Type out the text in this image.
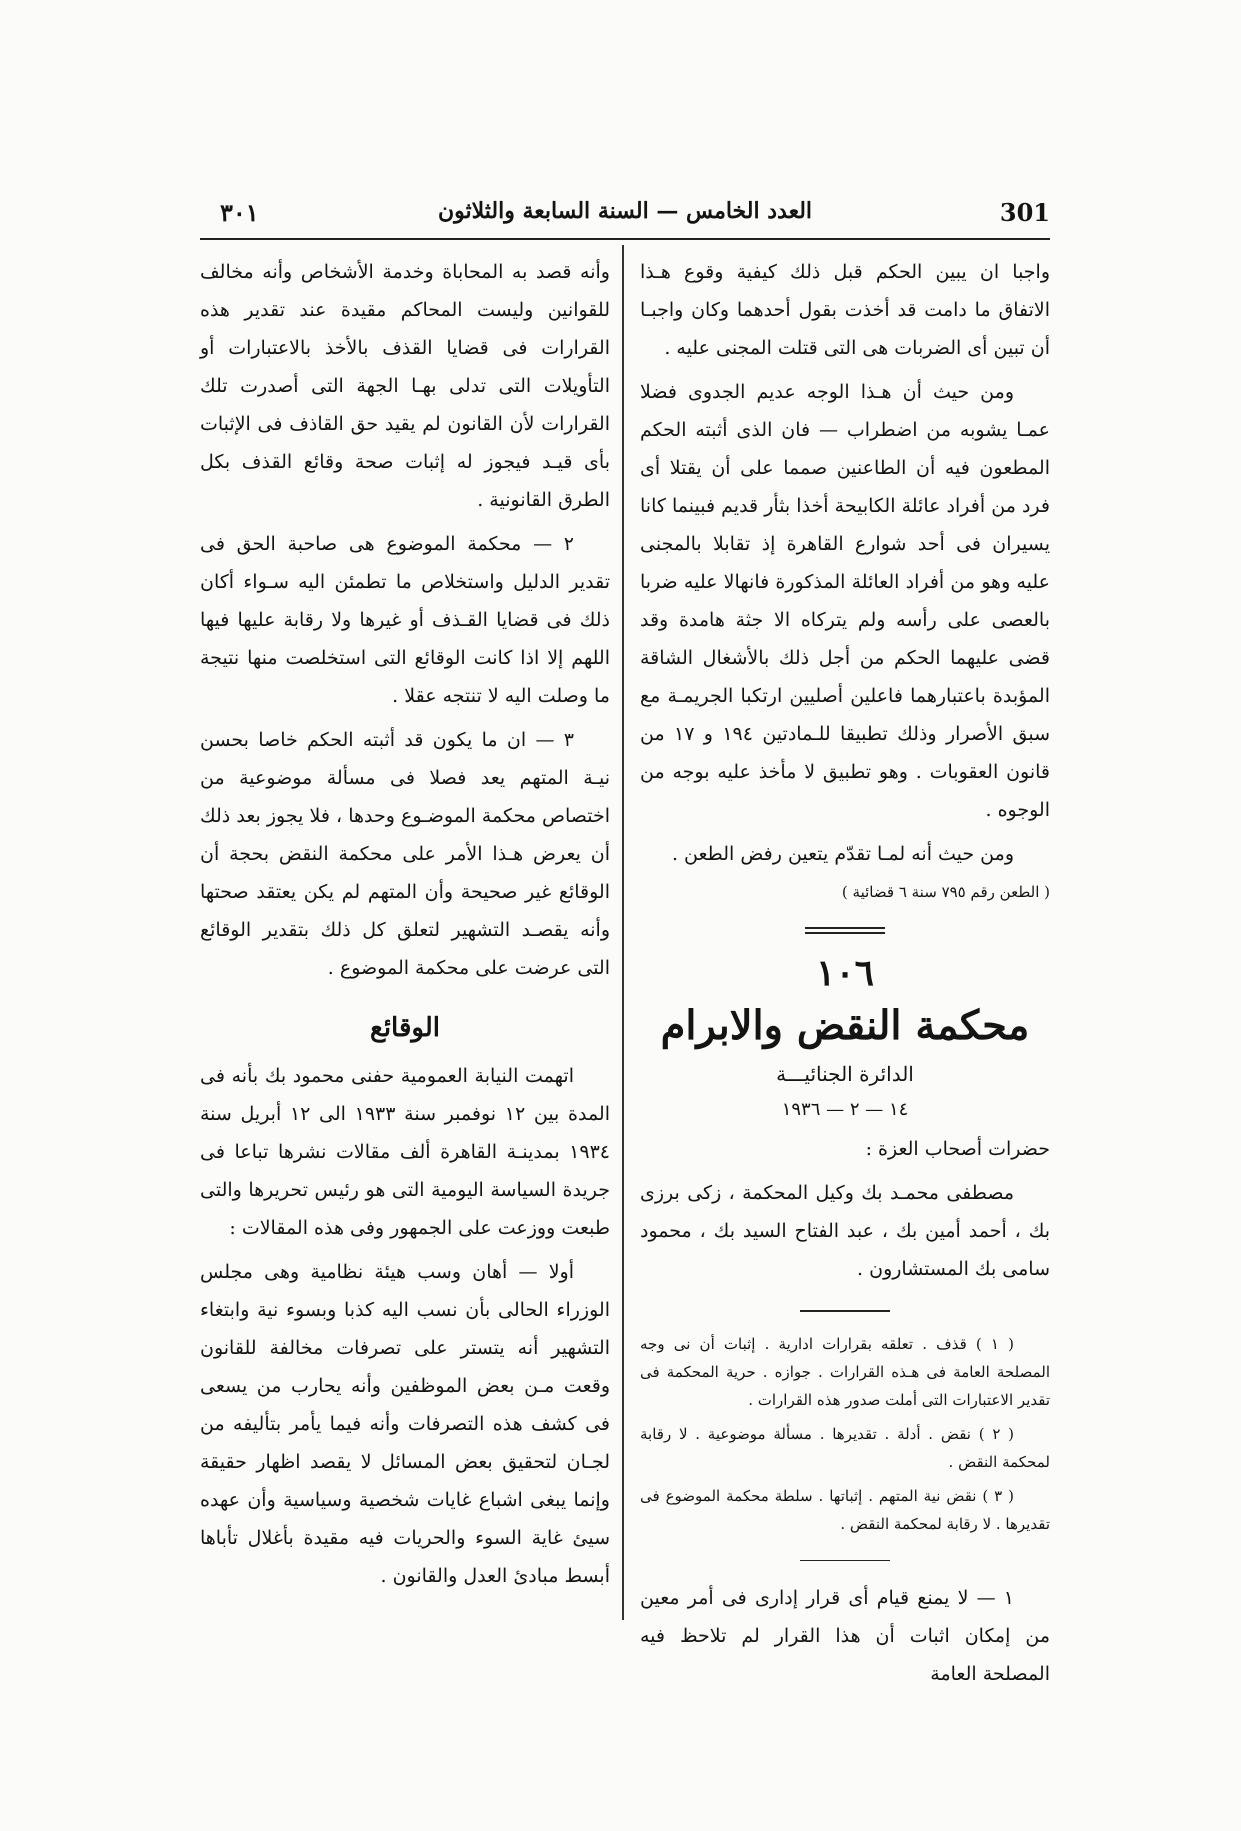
301
العدد الخامس — السنة السابعة والثلاثون
٣٠١

واجبا ان يبين الحكم قبل ذلك كيفية وقوع هـذا الاتفاق ما دامت قد أخذت بقول أحدهما وكان واجبـا أن تبين أى الضربات هى التى قتلت المجنى عليه .

ومن حيث أن هـذا الوجه عديم الجدوى فضلا عمـا يشوبه من اضطراب — فان الذى أثبته الحكم المطعون فيه أن الطاعنين صمما على أن يقتلا أى فرد من أفراد عائلة الكابيحة أخذا بثأر قديم فبينما كانا يسيران فى أحد شوارع القاهرة إذ تقابلا بالمجنى عليه وهو من أفراد العائلة المذكورة فانهالا عليه ضربا بالعصى على رأسه ولم يتركاه الا جثة هامدة وقد قضى عليهما الحكم من أجل ذلك بالأشغال الشاقة المؤبدة باعتبارهما فاعلين أصليين ارتكبا الجريمـة مع سبق الأصرار وذلك تطبيقا للـمادتين ١٩٤ و ١٧ من قانون العقوبات . وهو تطبيق لا مأخذ عليه بوجه من الوجوه .

ومن حيث أنه لمـا تقدّم يتعين رفض الطعن .

( الطعن رقم ٧٩٥ سنة ٦ قضائية )

١٠٦

محكمة النقض والابرام

الدائرة الجنائيـــة

١٤ — ٢ — ١٩٣٦

حضرات أصحاب العزة :

مصطفى محمـد بك وكيل المحكمة ، زكى برزى بك ، أحمد أمين بك ، عبد الفتاح السيد بك ، محمود سامى بك المستشارون .

( ١ ) قذف . تعلقه بقرارات ادارية . إثبات أن نى وجه المصلحة العامة فى هـذه القرارات . جوازه . حرية المحكمة فى تقدير الاعتبارات التى أملت صدور هذه القرارات .

( ٢ ) نقض . أدلة . تقديرها . مسألة موضوعية . لا رقابة لمحكمة النقض .

( ٣ ) نقض نية المتهم . إثباتها . سلطة محكمة الموضوع فى تقديرها . لا رقابة لمحكمة النقض .

١ — لا يمنع قيام أى قرار إدارى فى أمر معين من إمكان اثبات أن هذا القرار لم تلاحظ فيه المصلحة العامة

وأنه قصد به المحاباة وخدمة الأشخاص وأنه مخالف للقوانين وليست المحاكم مقيدة عند تقدير هذه القرارات فى قضايا القذف بالأخذ بالاعتبارات أو التأويلات التى تدلى بهـا الجهة التى أصدرت تلك القرارات لأن القانون لم يقيد حق القاذف فى الإثبات بأى قيـد فيجوز له إثبات صحة وقائع القذف بكل الطرق القانونية .

٢ — محكمة الموضوع هى صاحبة الحق فى تقدير الدليل واستخلاص ما تطمئن اليه سـواء أكان ذلك فى قضايا القـذف أو غيرها ولا رقابة عليها فيها اللهم إلا اذا كانت الوقائع التى استخلصت منها نتيجة ما وصلت اليه لا تنتجه عقلا .

٣ — ان ما يكون قد أثبته الحكم خاصا بحسن نيـة المتهم يعد فصلا فى مسألة موضوعية من اختصاص محكمة الموضـوع وحدها ، فلا يجوز بعد ذلك أن يعرض هـذا الأمر على محكمة النقض بحجة أن الوقائع غير صحيحة وأن المتهم لم يكن يعتقد صحتها وأنه يقصـد التشهير لتعلق كل ذلك بتقدير الوقائع التى عرضت على محكمة الموضوع .

الوقائع

اتهمت النيابة العمومية حفنى محمود بك بأنه فى المدة بين ١٢ نوفمبر سنة ١٩٣٣ الى ١٢ أبريل سنة ١٩٣٤ بمدينـة القاهرة ألف مقالات نشرها تباعا فى جريدة السياسة اليومية التى هو رئيس تحريرها والتى طبعت ووزعت على الجمهور وفى هذه المقالات :

أولا — أهان وسب هيئة نظامية وهى مجلس الوزراء الحالى بأن نسب اليه كذبا وبسوء نية وابتغاء التشهير أنه يتستر على تصرفات مخالفة للقانون وقعت مـن بعض الموظفين وأنه يحارب من يسعى فى كشف هذه التصرفات وأنه فيما يأمر بتأليفه من لجـان لتحقيق بعض المسائل لا يقصد اظهار حقيقة وإنما يبغى اشباع غايات شخصية وسياسية وأن عهده سيئ غاية السوء والحريات فيه مقيدة بأغلال تأباها أبسط مبادئ العدل والقانون .
